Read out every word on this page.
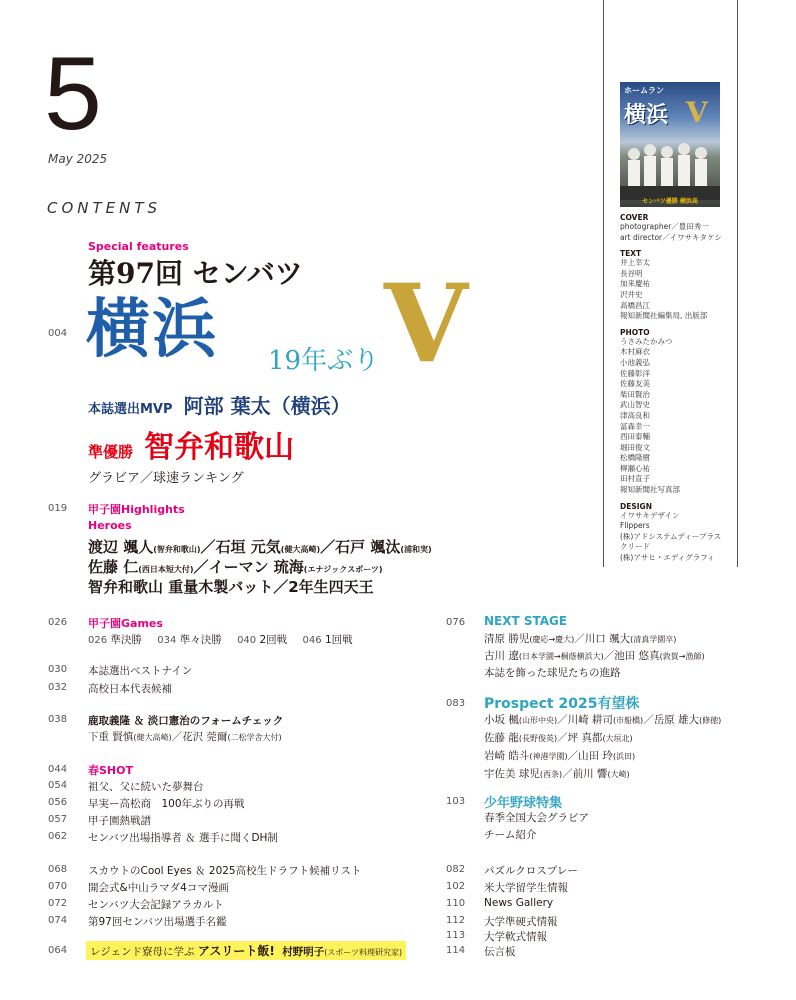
5
May 2025
CONTENTS
ホームラン
横浜 V
センバツ優勝 横浜高
COVER
photographer／豊田秀一
art director／イワサキタケシ
TEXT
井上幸太
長谷明
加来慶祐
沢井史
高橋昌江
報知新聞社編集局, 出版部
PHOTO
うさみたかみつ
木村麻衣
小池義弘
佐藤彰洋
佐藤友美
柴田賢治
武山智史
津高良和
冨森幸一
西田泰輔
堀田俊文
松橋隆樹
柳瀬心祐
田村直子
報知新聞社写真部
DESIGN
イワサキデザイン
Flippers
(株)アドシステムディープラス
クリード
(株)アサヒ・エディグラフィ
004
Special features
第97回 センバツ
横浜 19年ぶり V
本誌選出MVP 阿部 葉太（横浜）
準優勝 智弁和歌山
グラビア／球速ランキング
019 甲子園Highlights
Heroes
渡辺 颯人(智弁和歌山)／石垣 元気(健大高崎)／石戸 颯汰(浦和実)
佐藤 仁(西日本短大付)／イーマン 琉海(エナジックスポーツ)
智弁和歌山 重量木製バット／2年生四天王
026 甲子園Games
026 準決勝 034 準々決勝 040 2回戦 046 1回戦
030 本誌選出ベストナイン
032 高校日本代表候補
038 鹿取義隆 ＆ 淡口憲治のフォームチェック
下重 賢慎(健大高崎)／花沢 莞爾(二松学舎大付)
044 春SHOT
054 祖父、父に続いた夢舞台
056 早実ー高松商　100年ぶりの再戦
057 甲子園熱戦譜
062 センバツ出場指導者 ＆ 選手に聞くDH制
068 スカウトのCool Eyes ＆ 2025高校生ドラフト候補リスト
070 開会式&中山ラマダ4コマ漫画
072 センバツ大会記録アラカルト
074 第97回センバツ出場選手名鑑
064	レジェンド寮母に学ぶ アスリート飯! 村野明子(スポーツ料理研究家)
076 NEXT STAGE
清原 勝児(慶応→慶大)／川口 颯大(清真学園卒)
古川 遼(日本学園→桐蔭横浜大)／池田 悠真(敦賀→漁師)
本誌を飾った球児たちの進路
083 Prospect 2025有望株
小坂 楓(山形中央)／川崎 耕司(市船橋)／岳原 雄大(修徳)
佐藤 龍(長野俊英)／坪 真都(大垣北)
岩崎 皓斗(神港学園)／山田 玲(浜田)
宇佐美 球児(西条)／前川 響(大崎)
103 少年野球特集
春季全国大会グラビア
チーム紹介
082 パズルクロスプレー
102 米大学留学生情報
110 News Gallery
112 大学準硬式情報
113 大学軟式情報
114 伝言板
